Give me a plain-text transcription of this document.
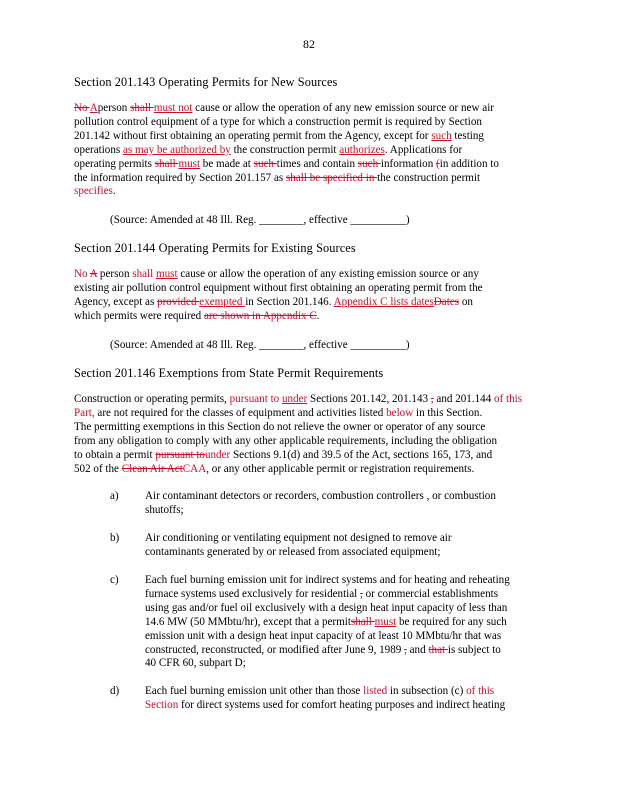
82
Section 201.143 Operating Permits for New Sources
No Aperson shall must not cause or allow the operation of any new emission source or new air
pollution control equipment of a type for which a construction permit is required by Section
201.142 without first obtaining an operating permit from the Agency, except for such testing
operations as may be authorized by the construction permit authorizes. Applications for
operating permits shall must be made at such times and contain such information (in addition to
the information required by Section 201.157 as shall be specified in the construction permit
specifies.
(Source: Amended at 48 Ill. Reg. ________, effective __________)
Section 201.144 Operating Permits for Existing Sources
No A person shall must cause or allow the operation of any existing emission source or any
existing air pollution control equipment without first obtaining an operating permit from the
Agency, except as provided exempted in Section 201.146. Appendix C lists datesDates on
which permits were required are shown in Appendix C.
(Source: Amended at 48 Ill. Reg. ________, effective __________)
Section 201.146 Exemptions from State Permit Requirements
Construction or operating permits, pursuant to under Sections 201.142, 201.143 , and 201.144 of this
Part, are not required for the classes of equipment and activities listed below in this Section.
The permitting exemptions in this Section do not relieve the owner or operator of any source
from any obligation to comply with any other applicable requirements, including the obligation
to obtain a permit pursuant tounder Sections 9.1(d) and 39.5 of the Act, sections 165, 173, and
502 of the Clean Air ActCAA, or any other applicable permit or registration requirements.
a) Air contaminant detectors or recorders, combustion controllers , or combustion
shutoffs;
b) Air conditioning or ventilating equipment not designed to remove air
contaminants generated by or released from associated equipment;
c) Each fuel burning emission unit for indirect systems and for heating and reheating
furnace systems used exclusively for residential , or commercial establishments
using gas and/or fuel oil exclusively with a design heat input capacity of less than
14.6 MW (50 MMbtu/hr), except that a permitshall must be required for any such
emission unit with a design heat input capacity of at least 10 MMbtu/hr that was
constructed, reconstructed, or modified after June 9, 1989 , and that is subject to
40 CFR 60, subpart D;
d) Each fuel burning emission unit other than those listed in subsection (c) of this
Section for direct systems used for comfort heating purposes and indirect heating
